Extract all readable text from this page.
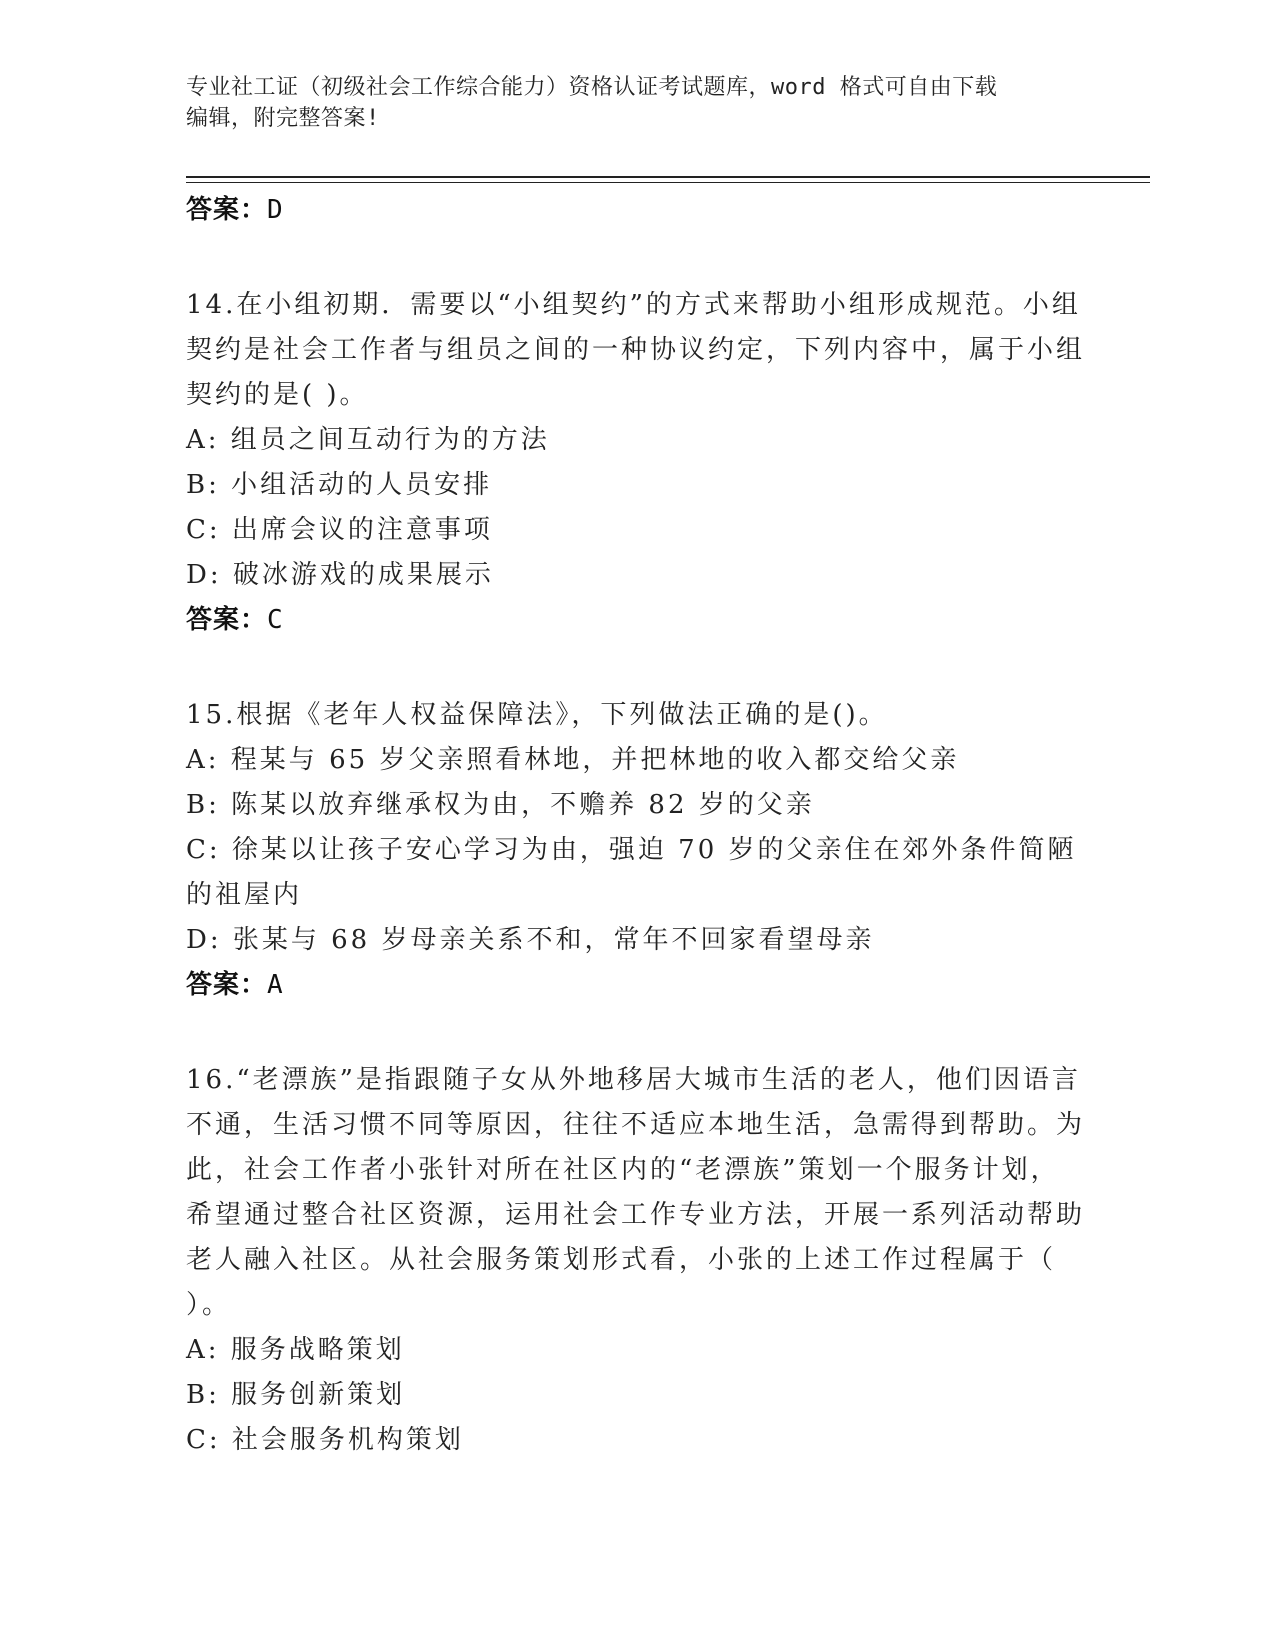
专业社工证（初级社会工作综合能力）资格认证考试题库，word 格式可自由下载
编辑，附完整答案!
答案：D
14.在小组初期．需要以“小组契约”的方式来帮助小组形成规范。小组契约是社会工作者与组员之间的一种协议约定，下列内容中，属于小组契约的是( )。
A: 组员之间互动行为的方法
B: 小组活动的人员安排
C: 出席会议的注意事项
D: 破冰游戏的成果展示
答案：C
15.根据《老年人权益保障法》，下列做法正确的是()。
A: 程某与 65 岁父亲照看林地，并把林地的收入都交给父亲
B: 陈某以放弃继承权为由，不赡养 82 岁的父亲
C: 徐某以让孩子安心学习为由，强迫 70 岁的父亲住在郊外条件简陋的祖屋内
D: 张某与 68 岁母亲关系不和，常年不回家看望母亲
答案：A
16.“老漂族”是指跟随子女从外地移居大城市生活的老人，他们因语言不通，生活习惯不同等原因，往往不适应本地生活，急需得到帮助。为此，社会工作者小张针对所在社区内的“老漂族”策划一个服务计划，希望通过整合社区资源，运用社会工作专业方法，开展一系列活动帮助老人融入社区。从社会服务策划形式看，小张的上述工作过程属于（　　）。
A: 服务战略策划
B: 服务创新策划
C: 社会服务机构策划
